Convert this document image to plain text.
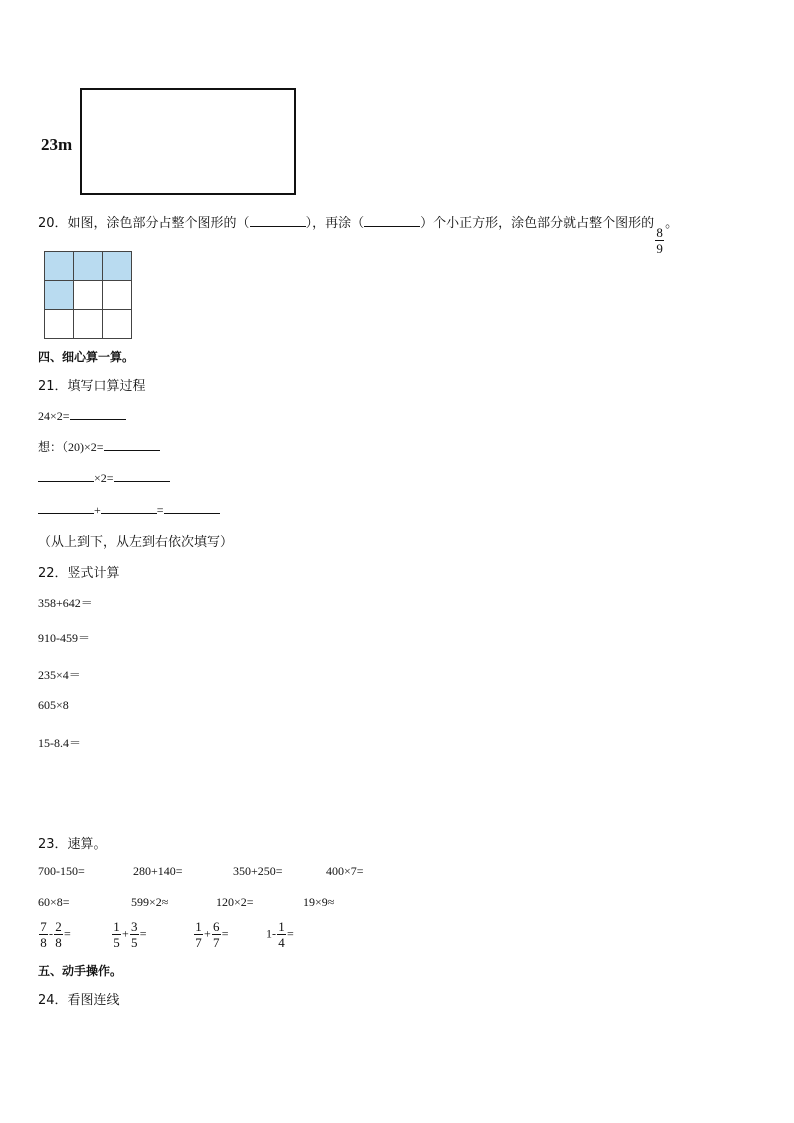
23m
20．如图，涂色部分占整个图形的（	），再涂（	）个小正方形，涂色部分就占整个图形的
$\frac{8}{9}$
。

四、细心算一算。
21．填写口算过程
24×2=
想：（20)×2=
×2=
+	=
（从上到下，从左到右依次填写）
22．竖式计算
358+642＝
910-459＝
235×4＝
605×8
15-8.4＝
23．速算。
700-150=	280+140=	350+250=	400×7=
60×8=	599×2≈	120×2=	19×9≈
$\frac{7}{8} - \frac{2}{8}$ =	$\frac{1}{5} + \frac{3}{5}$ =	$\frac{1}{7} + \frac{6}{7}$ =	$1- \frac{1}{4}$ =
五、动手操作。
24．看图连线
